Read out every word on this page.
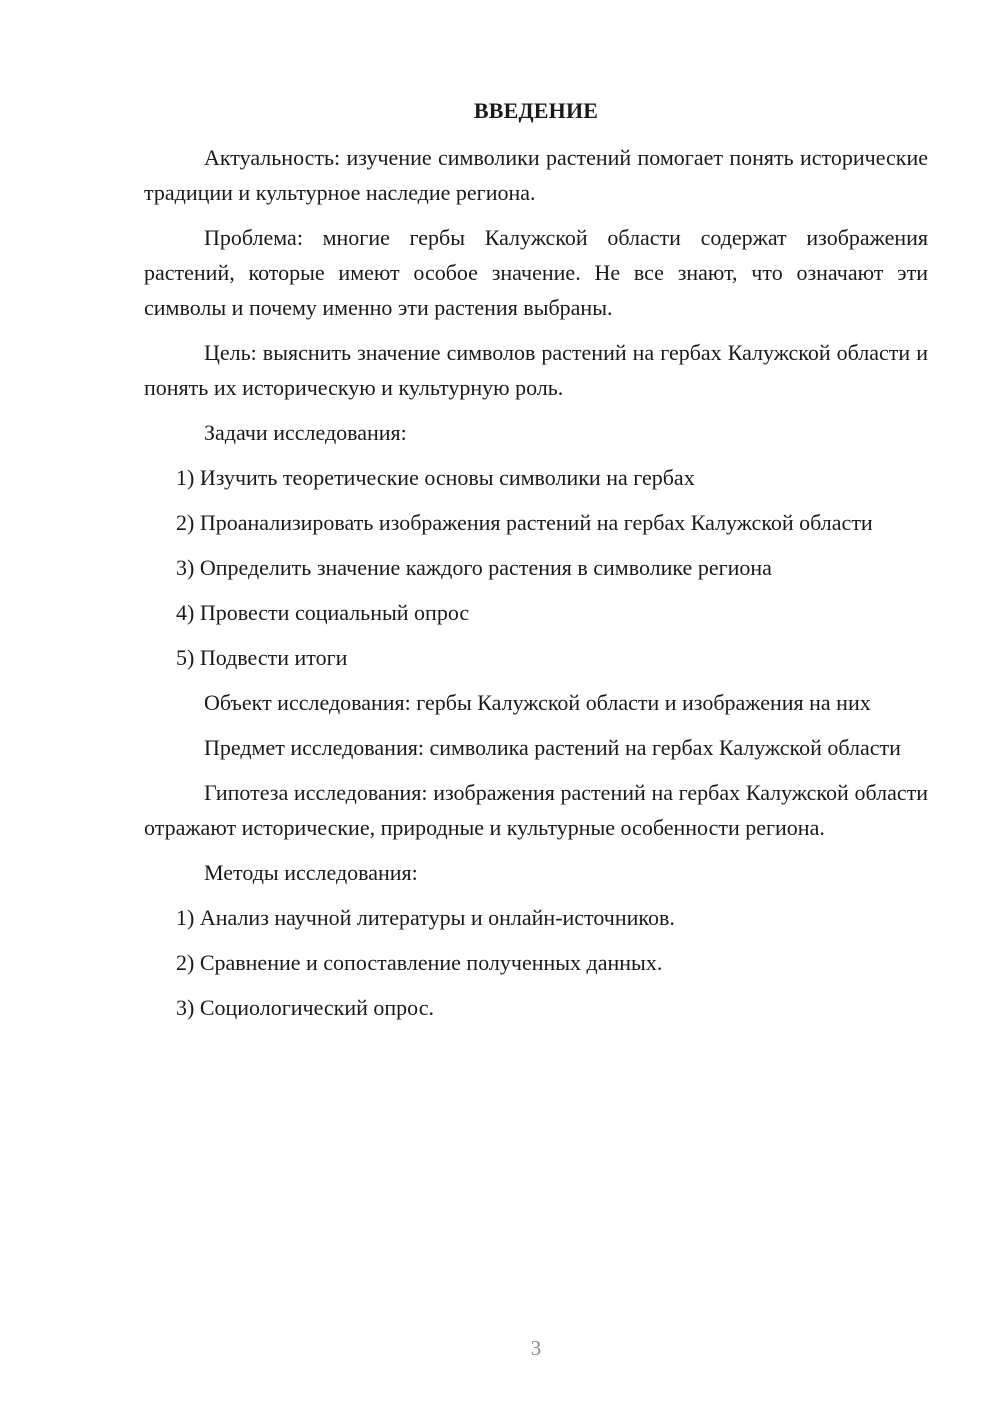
ВВЕДЕНИЕ

Актуальность: изучение символики растений помогает понять исторические традиции и культурное наследие региона.

Проблема: многие гербы Калужской области содержат изображения растений, которые имеют особое значение. Не все знают, что означают эти символы и почему именно эти растения выбраны.

Цель: выяснить значение символов растений на гербах Калужской области и понять их историческую и культурную роль.

Задачи исследования:

1) Изучить теоретические основы символики на гербах

2) Проанализировать изображения растений на гербах Калужской области

3) Определить значение каждого растения в символике региона

4) Провести социальный опрос

5) Подвести итоги

Объект исследования: гербы Калужской области и изображения на них

Предмет исследования: символика растений на гербах Калужской области

Гипотеза исследования: изображения растений на гербах Калужской области отражают исторические, природные и культурные особенности региона.

Методы исследования:

1) Анализ научной литературы и онлайн-источников.

2) Сравнение и сопоставление полученных данных.

3) Социологический опрос.

3
